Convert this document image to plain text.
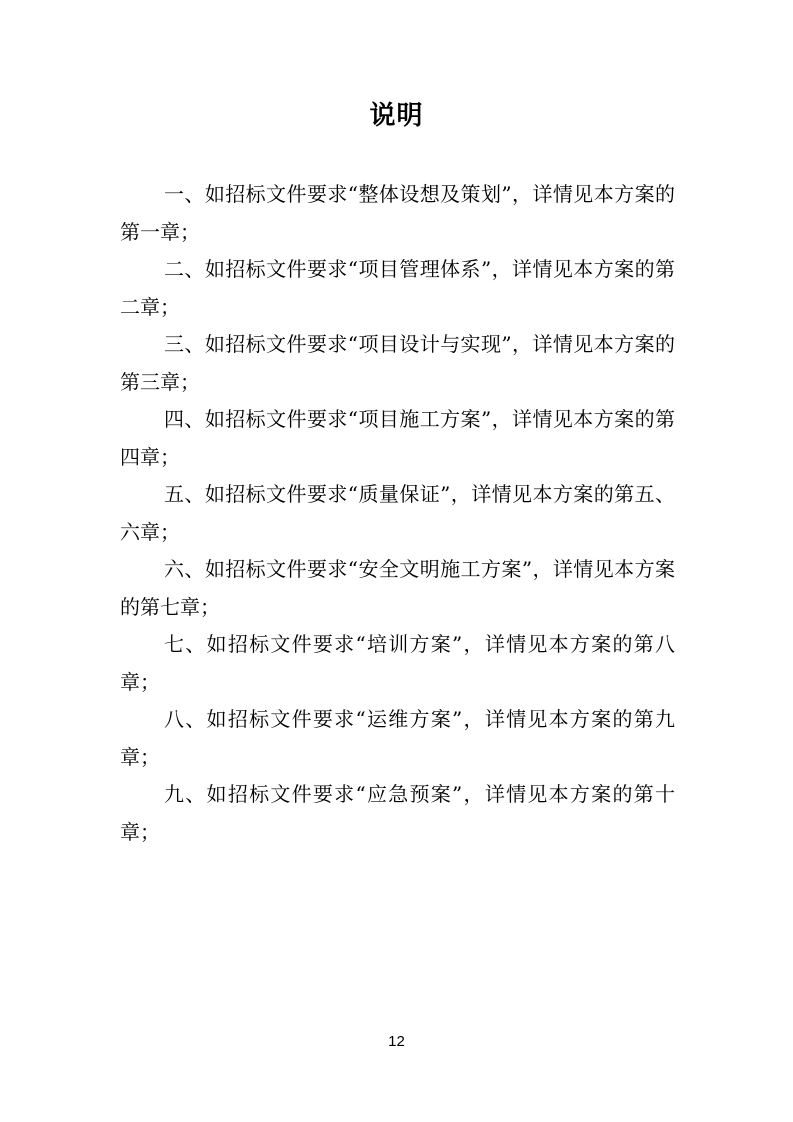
说明

一、如招标文件要求“整体设想及策划”，详情见本方案的第一章；

二、如招标文件要求“项目管理体系”，详情见本方案的第二章；

三、如招标文件要求“项目设计与实现”，详情见本方案的第三章；

四、如招标文件要求“项目施工方案”，详情见本方案的第四章；

五、如招标文件要求“质量保证”，详情见本方案的第五、六章；

六、如招标文件要求“安全文明施工方案”，详情见本方案的第七章；

七、如招标文件要求“培训方案”，详情见本方案的第八章；

八、如招标文件要求“运维方案”，详情见本方案的第九章；

九、如招标文件要求“应急预案”，详情见本方案的第十章；

12
